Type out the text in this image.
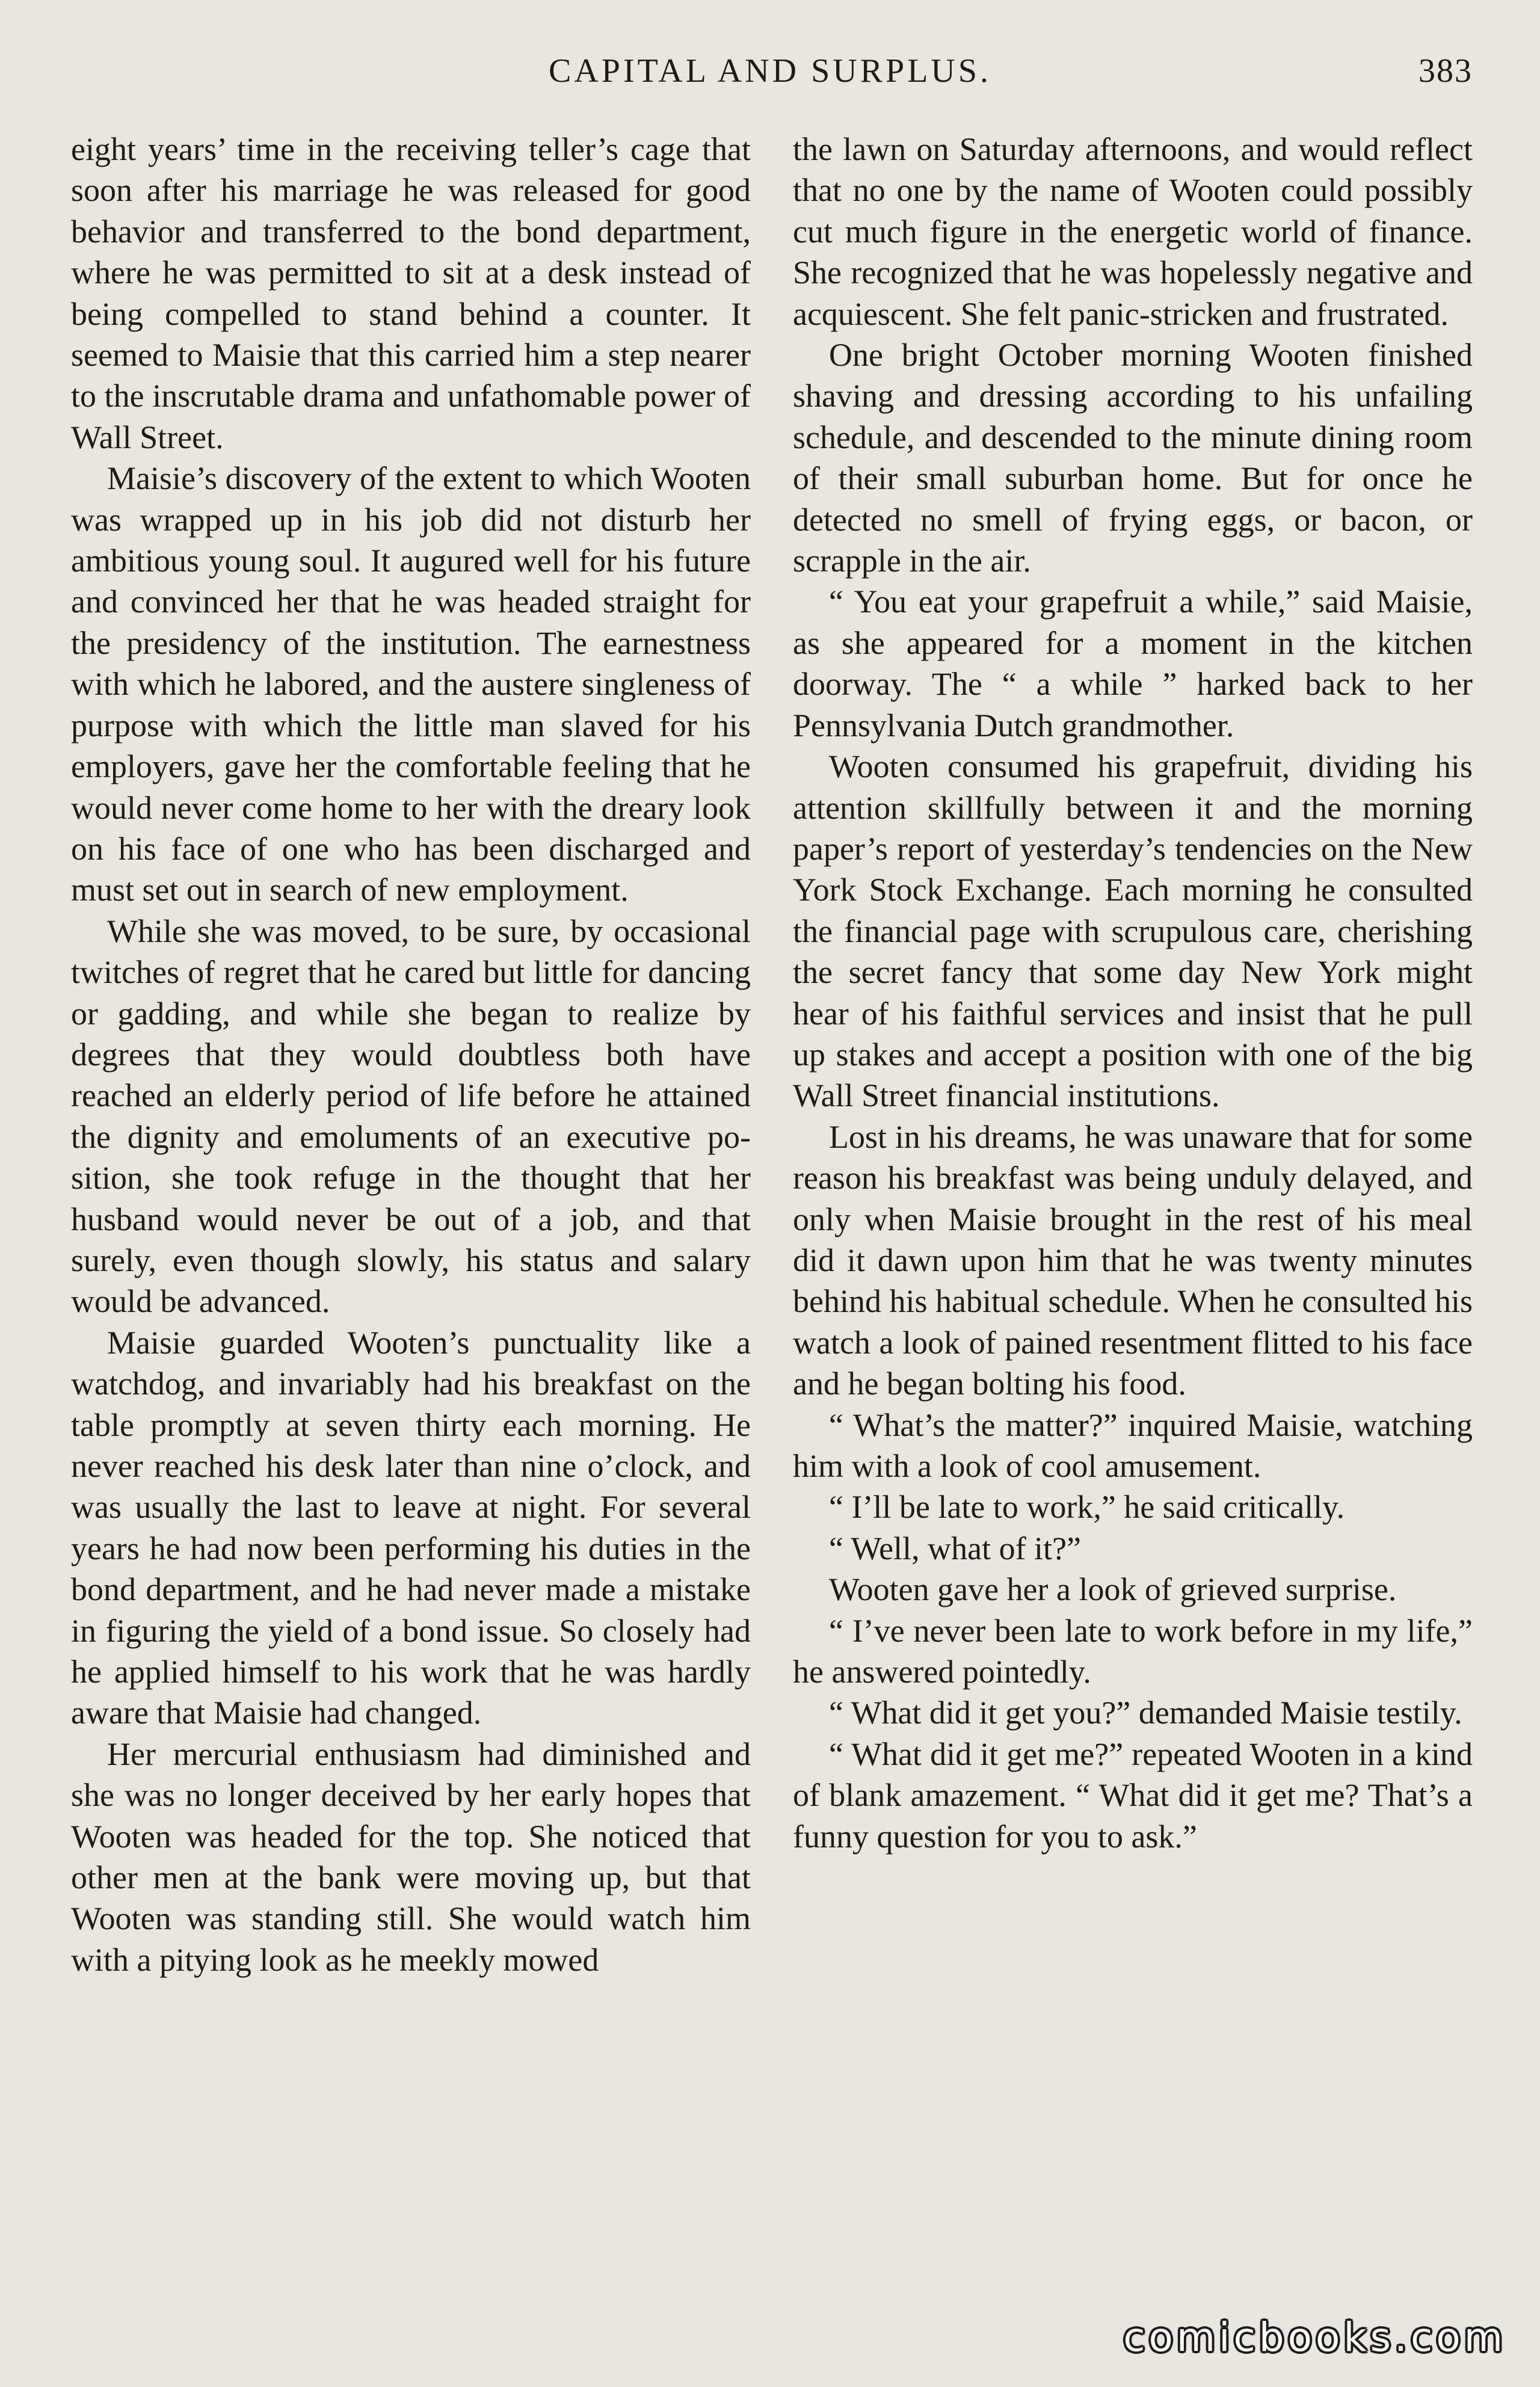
CAPITAL AND SURPLUS.	383

eight years’ time in the receiving teller’s cage that soon after his marriage he was released for good behavior and transferred to the bond department, where he was permitted to sit at a desk instead of being compelled to stand behind a counter. It seemed to Maisie that this carried him a step nearer to the inscrutable drama and unfathomable power of Wall Street.

Maisie’s discovery of the extent to which Wooten was wrapped up in his job did not disturb her ambitious young soul. It augured well for his future and convinced her that he was headed straight for the presidency of the institution. The earnestness with which he labored, and the austere singleness of purpose with which the little man slaved for his employers, gave her the comfortable feeling that he would never come home to her with the dreary look on his face of one who has been discharged and must set out in search of new employment.

While she was moved, to be sure, by occasional twitches of regret that he cared but little for dancing or gadding, and while she began to realize by degrees that they would doubtless both have reached an elderly period of life before he attained the dignity and emoluments of an executive position, she took refuge in the thought that her husband would never be out of a job, and that surely, even though slowly, his status and salary would be advanced.

Maisie guarded Wooten’s punctuality like a watchdog, and invariably had his breakfast on the table promptly at seven thirty each morning. He never reached his desk later than nine o’clock, and was usually the last to leave at night. For several years he had now been performing his duties in the bond department, and he had never made a mistake in figuring the yield of a bond issue. So closely had he applied himself to his work that he was hardly aware that Maisie had changed.

Her mercurial enthusiasm had diminished and she was no longer deceived by her early hopes that Wooten was headed for the top. She noticed that other men at the bank were moving up, but that Wooten was standing still. She would watch him with a pitying look as he meekly mowed

the lawn on Saturday afternoons, and would reflect that no one by the name of Wooten could possibly cut much figure in the energetic world of finance. She recognized that he was hopelessly negative and acquiescent. She felt panic-stricken and frustrated.

One bright October morning Wooten finished shaving and dressing according to his unfailing schedule, and descended to the minute dining room of their small suburban home. But for once he detected no smell of frying eggs, or bacon, or scrapple in the air.

“ You eat your grapefruit a while,” said Maisie, as she appeared for a moment in the kitchen doorway. The “ a while ” harked back to her Pennsylvania Dutch grandmother.

Wooten consumed his grapefruit, dividing his attention skillfully between it and the morning paper’s report of yesterday’s tendencies on the New York Stock Exchange. Each morning he consulted the financial page with scrupulous care, cherishing the secret fancy that some day New York might hear of his faithful services and insist that he pull up stakes and accept a position with one of the big Wall Street financial institutions.

Lost in his dreams, he was unaware that for some reason his breakfast was being unduly delayed, and only when Maisie brought in the rest of his meal did it dawn upon him that he was twenty minutes behind his habitual schedule. When he consulted his watch a look of pained resentment flitted to his face and he began bolting his food.

“ What’s the matter?” inquired Maisie, watching him with a look of cool amusement.

“ I’ll be late to work,” he said critically.

“ Well, what of it?”

Wooten gave her a look of grieved surprise.

“ I’ve never been late to work before in my life,” he answered pointedly.

“ What did it get you?” demanded Maisie testily.

“ What did it get me?” repeated Wooten in a kind of blank amazement. “ What did it get me? That’s a funny question for you to ask.”

comicbooks.com
